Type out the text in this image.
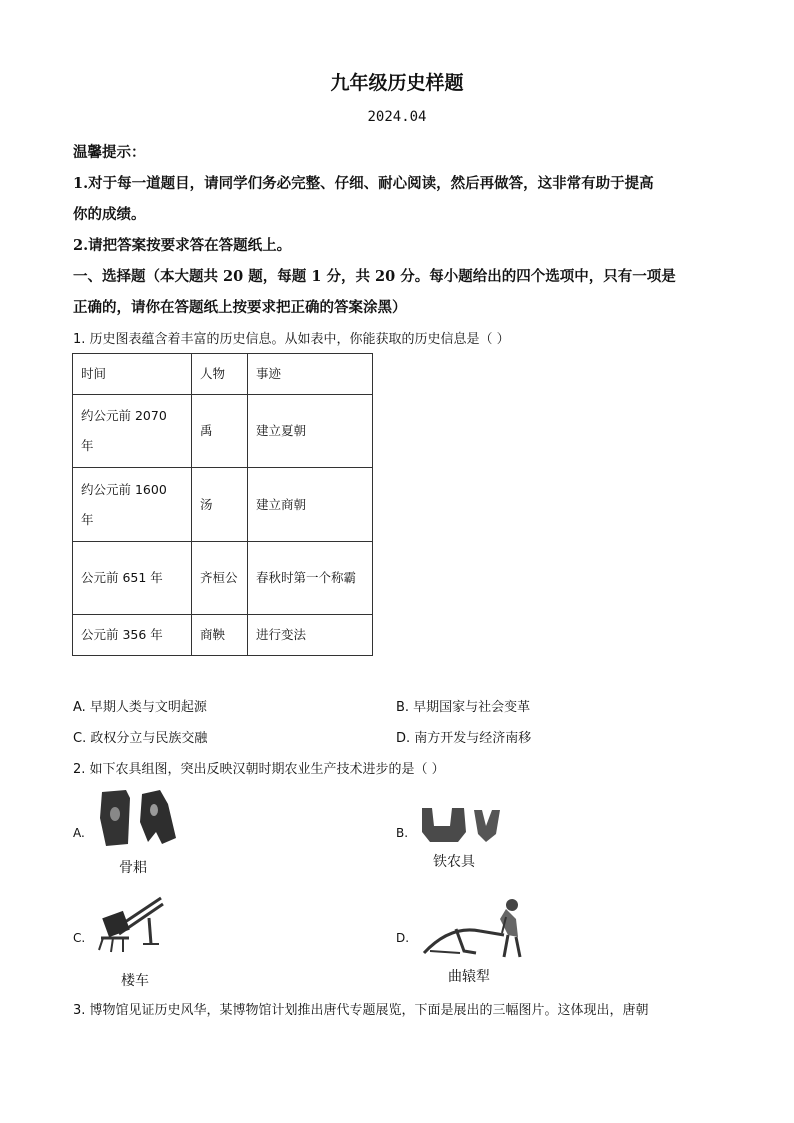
九年级历史样题
2024.04
温馨提示：
1.对于每一道题目，请同学们务必完整、仔细、耐心阅读，然后再做答，这非常有助于提高
你的成绩。
2.请把答案按要求答在答题纸上。
一、选择题（本大题共 20 题，每题 1 分，共 20 分。每小题给出的四个选项中，只有一项是
正确的，请你在答题纸上按要求把正确的答案涂黑）
1. 历史图表蕴含着丰富的历史信息。从如表中，你能获取的历史信息是（ ）
时间	人物	事迹
约公元前 2070 年	禹	建立夏朝
约公元前 1600 年	汤	建立商朝
公元前 651 年	齐桓公	春秋时第一个称霸
公元前 356 年	商鞅	进行变法
A. 早期人类与文明起源	B. 早期国家与社会变革
C. 政权分立与民族交融	D. 南方开发与经济南移
2. 如下农具组图，突出反映汉朝时期农业生产技术进步的是（ ）
A.
骨耜
B.
铁农具
C.
楼车
D.
曲辕犁
3. 博物馆见证历史风华，某博物馆计划推出唐代专题展览，下面是展出的三幅图片。这体现出，唐朝
